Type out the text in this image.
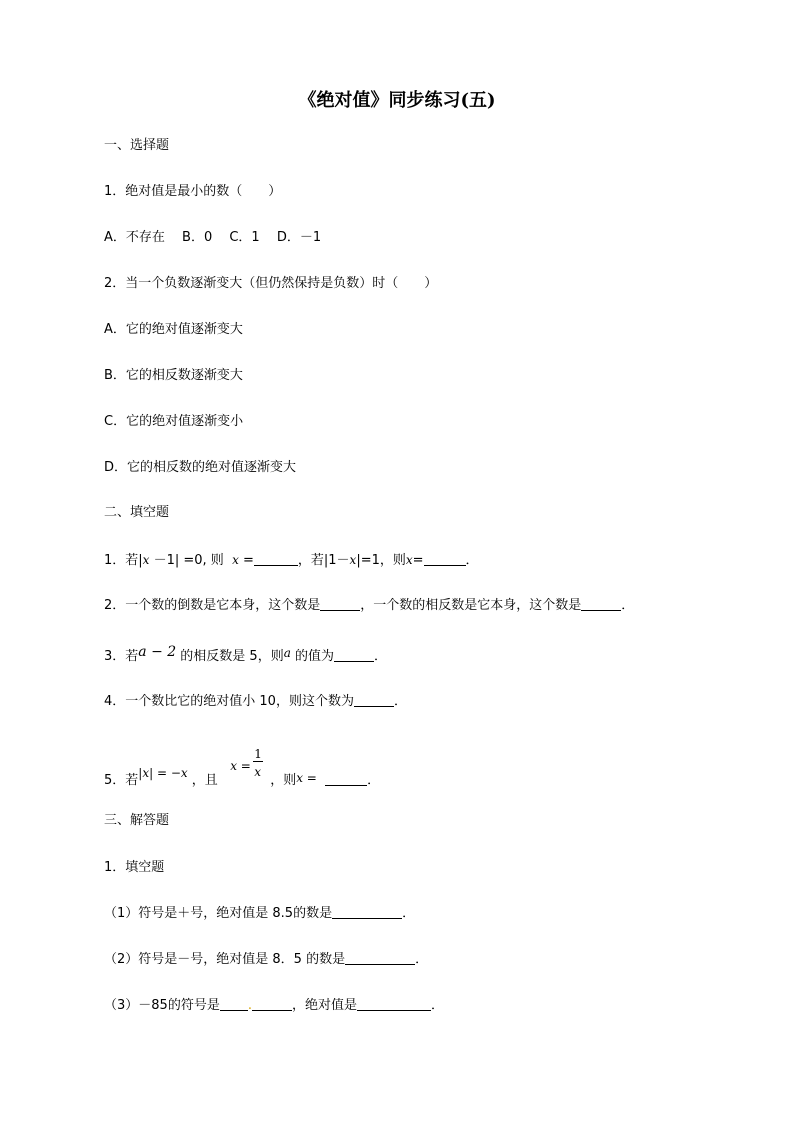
《绝对值》同步练习(五)
一、选择题
1．绝对值是最小的数（　　）
A．不存在　 B．0　 C．1　 D．－1
2．当一个负数逐渐变大（但仍然保持是负数）时（　　）
A．它的绝对值逐渐变大
B．它的相反数逐渐变大
C．它的绝对值逐渐变小
D．它的相反数的绝对值逐渐变大
二、填空题
1．若|x －1| =0, 则 x =	，若|1－x|=1，则x=	．
2．一个数的倒数是它本身，这个数是	，一个数的相反数是它本身，这个数是	．
3．若a − 2 的相反数是 5，则a 的值为	．
4．一个数比它的绝对值小 10，则这个数为	．
5．若|x| = −x ，且
x =
1
x
，则x =	．
三、解答题
1．填空题
（1）符号是＋号，绝对值是 8.5的数是	．
（2）符号是－号，绝对值是 8．5 的数是	．
（3）－85的符号是 .	，绝对值是	．
